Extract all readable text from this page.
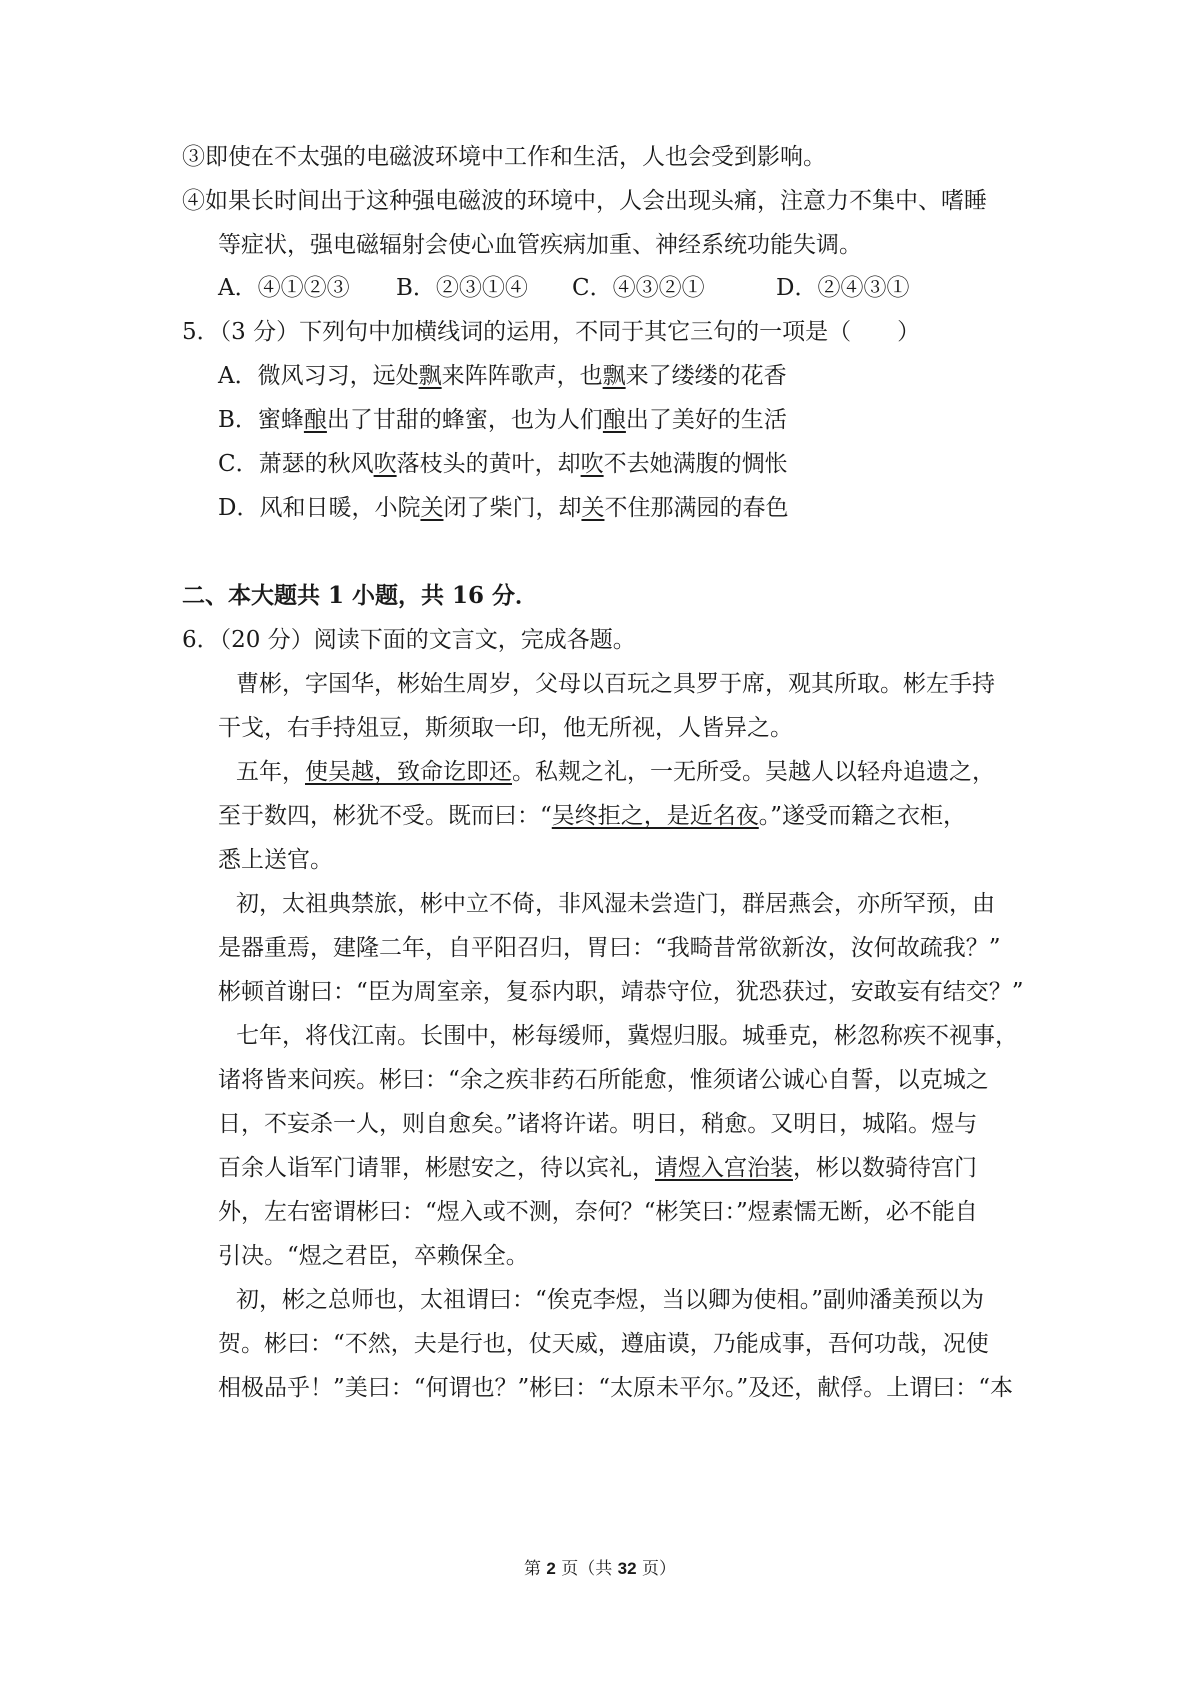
③即使在不太强的电磁波环境中工作和生活，人也会受到影响。
④如果长时间出于这种强电磁波的环境中，人会出现头痛，注意力不集中、嗜睡
等症状，强电磁辐射会使心血管疾病加重、神经系统功能失调。
A．④①②③ B．②③①④ C．④③②①	D．②④③①
5．（3 分）下列句中加横线词的运用，不同于其它三句的一项是（　　）
A．微风习习，远处飘来阵阵歌声，也飘来了缕缕的花香
B．蜜蜂酿出了甘甜的蜂蜜，也为人们酿出了美好的生活
C．萧瑟的秋风吹落枝头的黄叶，却吹不去她满腹的惆怅
D．风和日暖，小院关闭了柴门，却关不住那满园的春色
二、本大题共 1 小题，共 16 分．
6．（20 分）阅读下面的文言文，完成各题。
曹彬，字国华，彬始生周岁，父母以百玩之具罗于席，观其所取。彬左手持
干戈，右手持俎豆，斯须取一印，他无所视，人皆异之。
五年，使吴越，致命讫即还。私觌之礼，一无所受。吴越人以轻舟追遗之，
至于数四，彬犹不受。既而曰：“吴终拒之，是近名夜。”遂受而籍之衣柜，
悉上送官。
初，太祖典禁旅，彬中立不倚，非风湿未尝造门，群居燕会，亦所罕预，由
是器重焉，建隆二年，自平阳召归，胃曰：“我畸昔常欲新汝，汝何故疏我？”
彬顿首谢曰：“臣为周室亲，复忝内职，靖恭守位，犹恐获过，安敢妄有结交？”
七年，将伐江南。长围中，彬每缓师，冀煜归服。城垂克，彬忽称疾不视事，
诸将皆来问疾。彬曰：“余之疾非药石所能愈，惟须诸公诚心自誓，以克城之
日，不妄杀一人，则自愈矣。”诸将许诺。明日，稍愈。又明日，城陷。煜与
百余人诣军门请罪，彬慰安之，待以宾礼，请煜入宫治装，彬以数骑待宫门
外，左右密谓彬曰：“煜入或不测，奈何？“彬笑曰：”煜素懦无断，必不能自
引决。“煜之君臣，卒赖保全。
初，彬之总师也，太祖谓曰：“俟克李煜，当以卿为使相。”副帅潘美预以为
贺。彬曰：“不然，夫是行也，仗天威，遵庙谟，乃能成事，吾何功哉，况使
相极品乎！”美曰：“何谓也？”彬曰：“太原未平尔。”及还，献俘。上谓曰：“本
第 2 页（共 32 页）
